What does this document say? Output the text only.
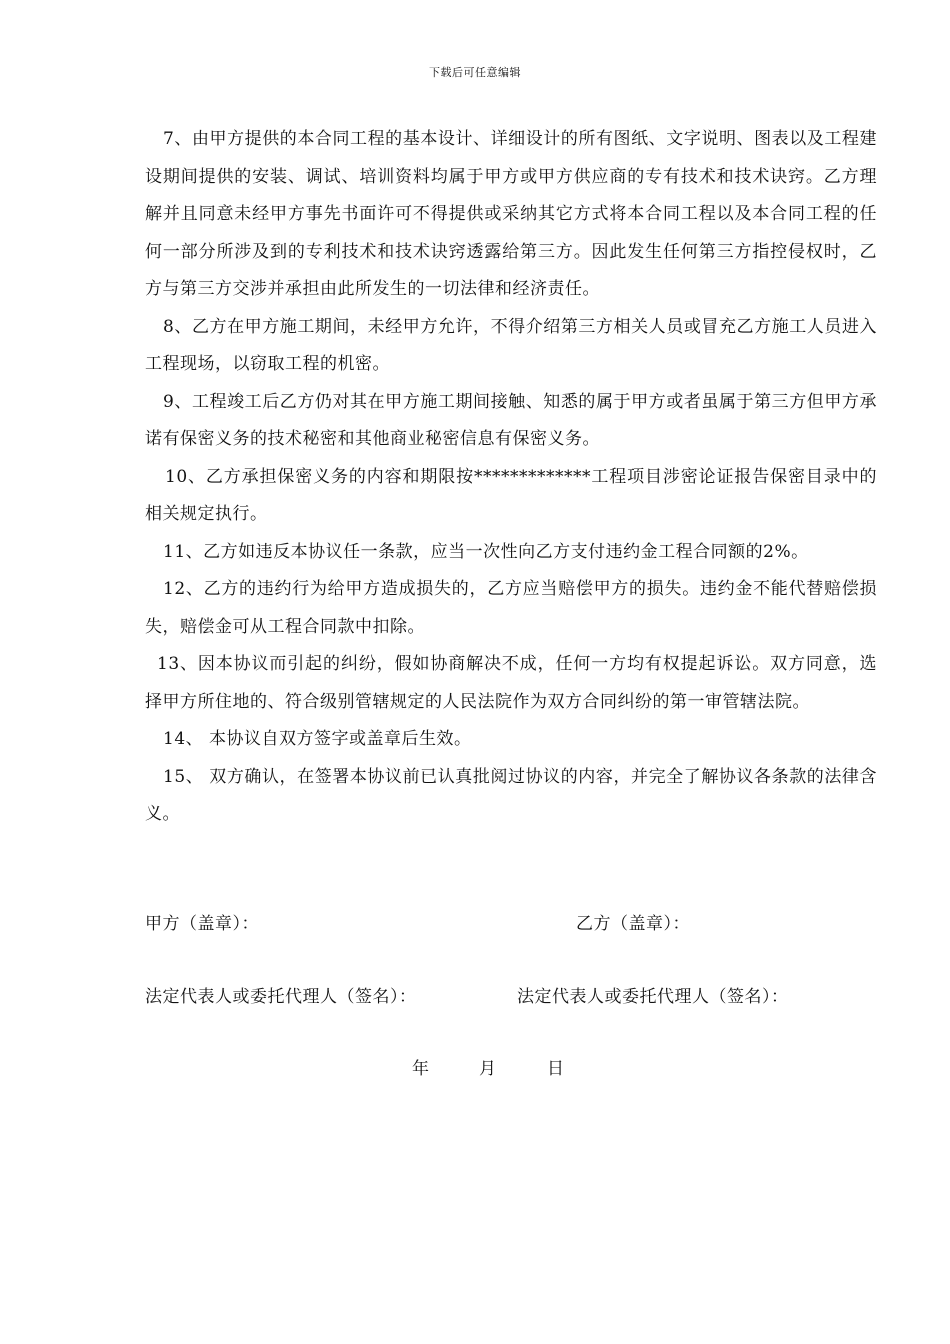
下载后可任意编辑

7、由甲方提供的本合同工程的基本设计、详细设计的所有图纸、文字说明、图表以及工程建设期间提供的安装、调试、培训资料均属于甲方或甲方供应商的专有技术和技术诀窍。乙方理解并且同意未经甲方事先书面许可不得提供或采纳其它方式将本合同工程以及本合同工程的任何一部分所涉及到的专利技术和技术诀窍透露给第三方。因此发生任何第三方指控侵权时，乙方与第三方交涉并承担由此所发生的一切法律和经济责任。

8、乙方在甲方施工期间，未经甲方允许，不得介绍第三方相关人员或冒充乙方施工人员进入工程现场，以窃取工程的机密。

9、工程竣工后乙方仍对其在甲方施工期间接触、知悉的属于甲方或者虽属于第三方但甲方承诺有保密义务的技术秘密和其他商业秘密信息有保密义务。

10、乙方承担保密义务的内容和期限按*************工程项目涉密论证报告保密目录中的相关规定执行。

11、乙方如违反本协议任一条款，应当一次性向乙方支付违约金工程合同额的2%。

12、乙方的违约行为给甲方造成损失的，乙方应当赔偿甲方的损失。违约金不能代替赔偿损失，赔偿金可从工程合同款中扣除。

13、因本协议而引起的纠纷，假如协商解决不成，任何一方均有权提起诉讼。双方同意，选择甲方所住地的、符合级别管辖规定的人民法院作为双方合同纠纷的第一审管辖法院。

14、 本协议自双方签字或盖章后生效。

15、 双方确认，在签署本协议前已认真批阅过协议的内容，并完全了解协议各条款的法律含义。

甲方（盖章）：	乙方（盖章）：
法定代表人或委托代理人（签名）：	法定代表人或委托代理人（签名）：
年	月	日
